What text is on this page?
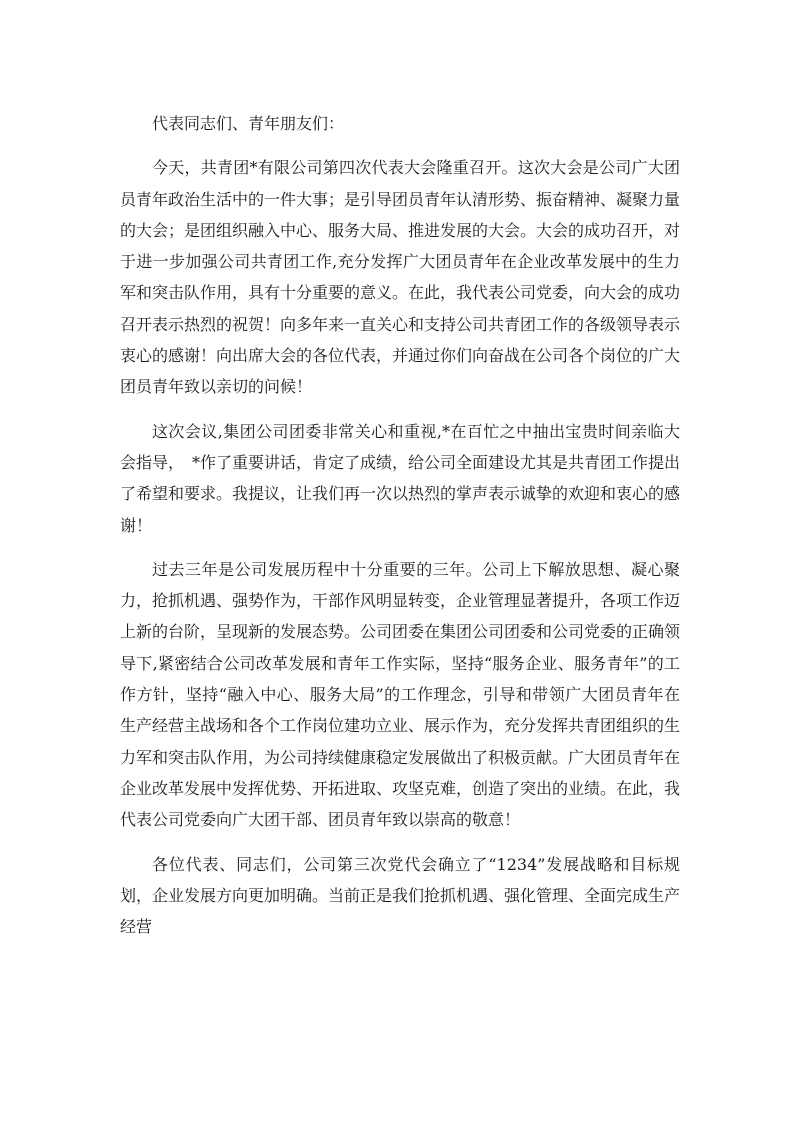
代表同志们、青年朋友们：

今天，共青团*有限公司第四次代表大会隆重召开。这次大会是公司广大团员青年政治生活中的一件大事；是引导团员青年认清形势、振奋精神、凝聚力量的大会；是团组织融入中心、服务大局、推进发展的大会。大会的成功召开，对于进一步加强公司共青团工作,充分发挥广大团员青年在企业改革发展中的生力军和突击队作用，具有十分重要的意义。在此，我代表公司党委，向大会的成功召开表示热烈的祝贺！向多年来一直关心和支持公司共青团工作的各级领导表示衷心的感谢！向出席大会的各位代表，并通过你们向奋战在公司各个岗位的广大团员青年致以亲切的问候！

这次会议,集团公司团委非常关心和重视,*在百忙之中抽出宝贵时间亲临大会指导，　*作了重要讲话，肯定了成绩，给公司全面建设尤其是共青团工作提出了希望和要求。我提议，让我们再一次以热烈的掌声表示诚挚的欢迎和衷心的感谢！

过去三年是公司发展历程中十分重要的三年。公司上下解放思想、凝心聚力，抢抓机遇、强势作为，干部作风明显转变，企业管理显著提升，各项工作迈上新的台阶，呈现新的发展态势。公司团委在集团公司团委和公司党委的正确领导下,紧密结合公司改革发展和青年工作实际，坚持“服务企业、服务青年”的工作方针，坚持“融入中心、服务大局”的工作理念，引导和带领广大团员青年在生产经营主战场和各个工作岗位建功立业、展示作为，充分发挥共青团组织的生力军和突击队作用，为公司持续健康稳定发展做出了积极贡献。广大团员青年在企业改革发展中发挥优势、开拓进取、攻坚克难，创造了突出的业绩。在此，我代表公司党委向广大团干部、团员青年致以崇高的敬意！

各位代表、同志们，公司第三次党代会确立了“1234”发展战略和目标规划，企业发展方向更加明确。当前正是我们抢抓机遇、强化管理、全面完成生产经营
